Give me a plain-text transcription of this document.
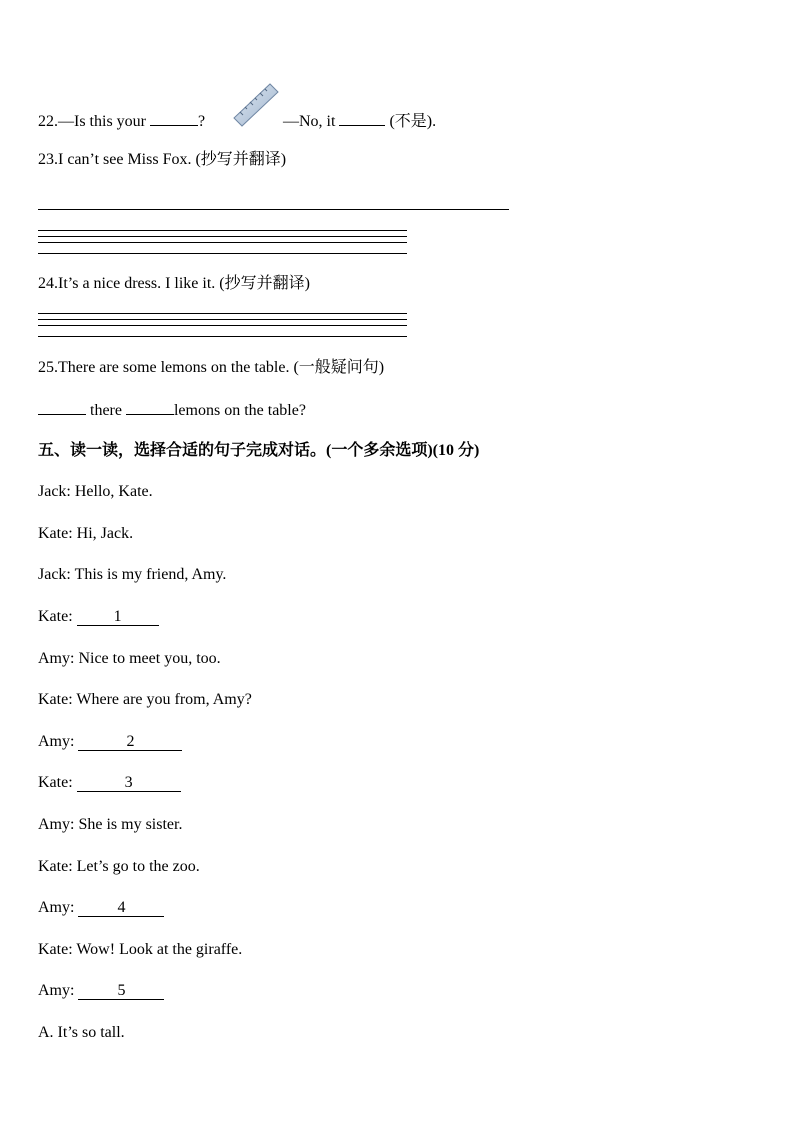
22.—Is this your	?	—No, it	(不是).
23.I can’t see Miss Fox. (抄写并翻译)
24.It’s a nice dress. I like it. (抄写并翻译)
25.There are some lemons on the table. (一般疑问句)
there	lemons on the table?
五、读一读，选择合适的句子完成对话。(一个多余选项)(10 分)
Jack: Hello, Kate.
Kate: Hi, Jack.
Jack: This is my friend, Amy.
Kate:	1
Amy: Nice to meet you, too.
Kate: Where are you from, Amy?
Amy:	2
Kate:	3
Amy: She is my sister.
Kate: Let’s go to the zoo.
Amy:	4
Kate: Wow! Look at the giraffe.
Amy:	5
A. It’s so tall.
